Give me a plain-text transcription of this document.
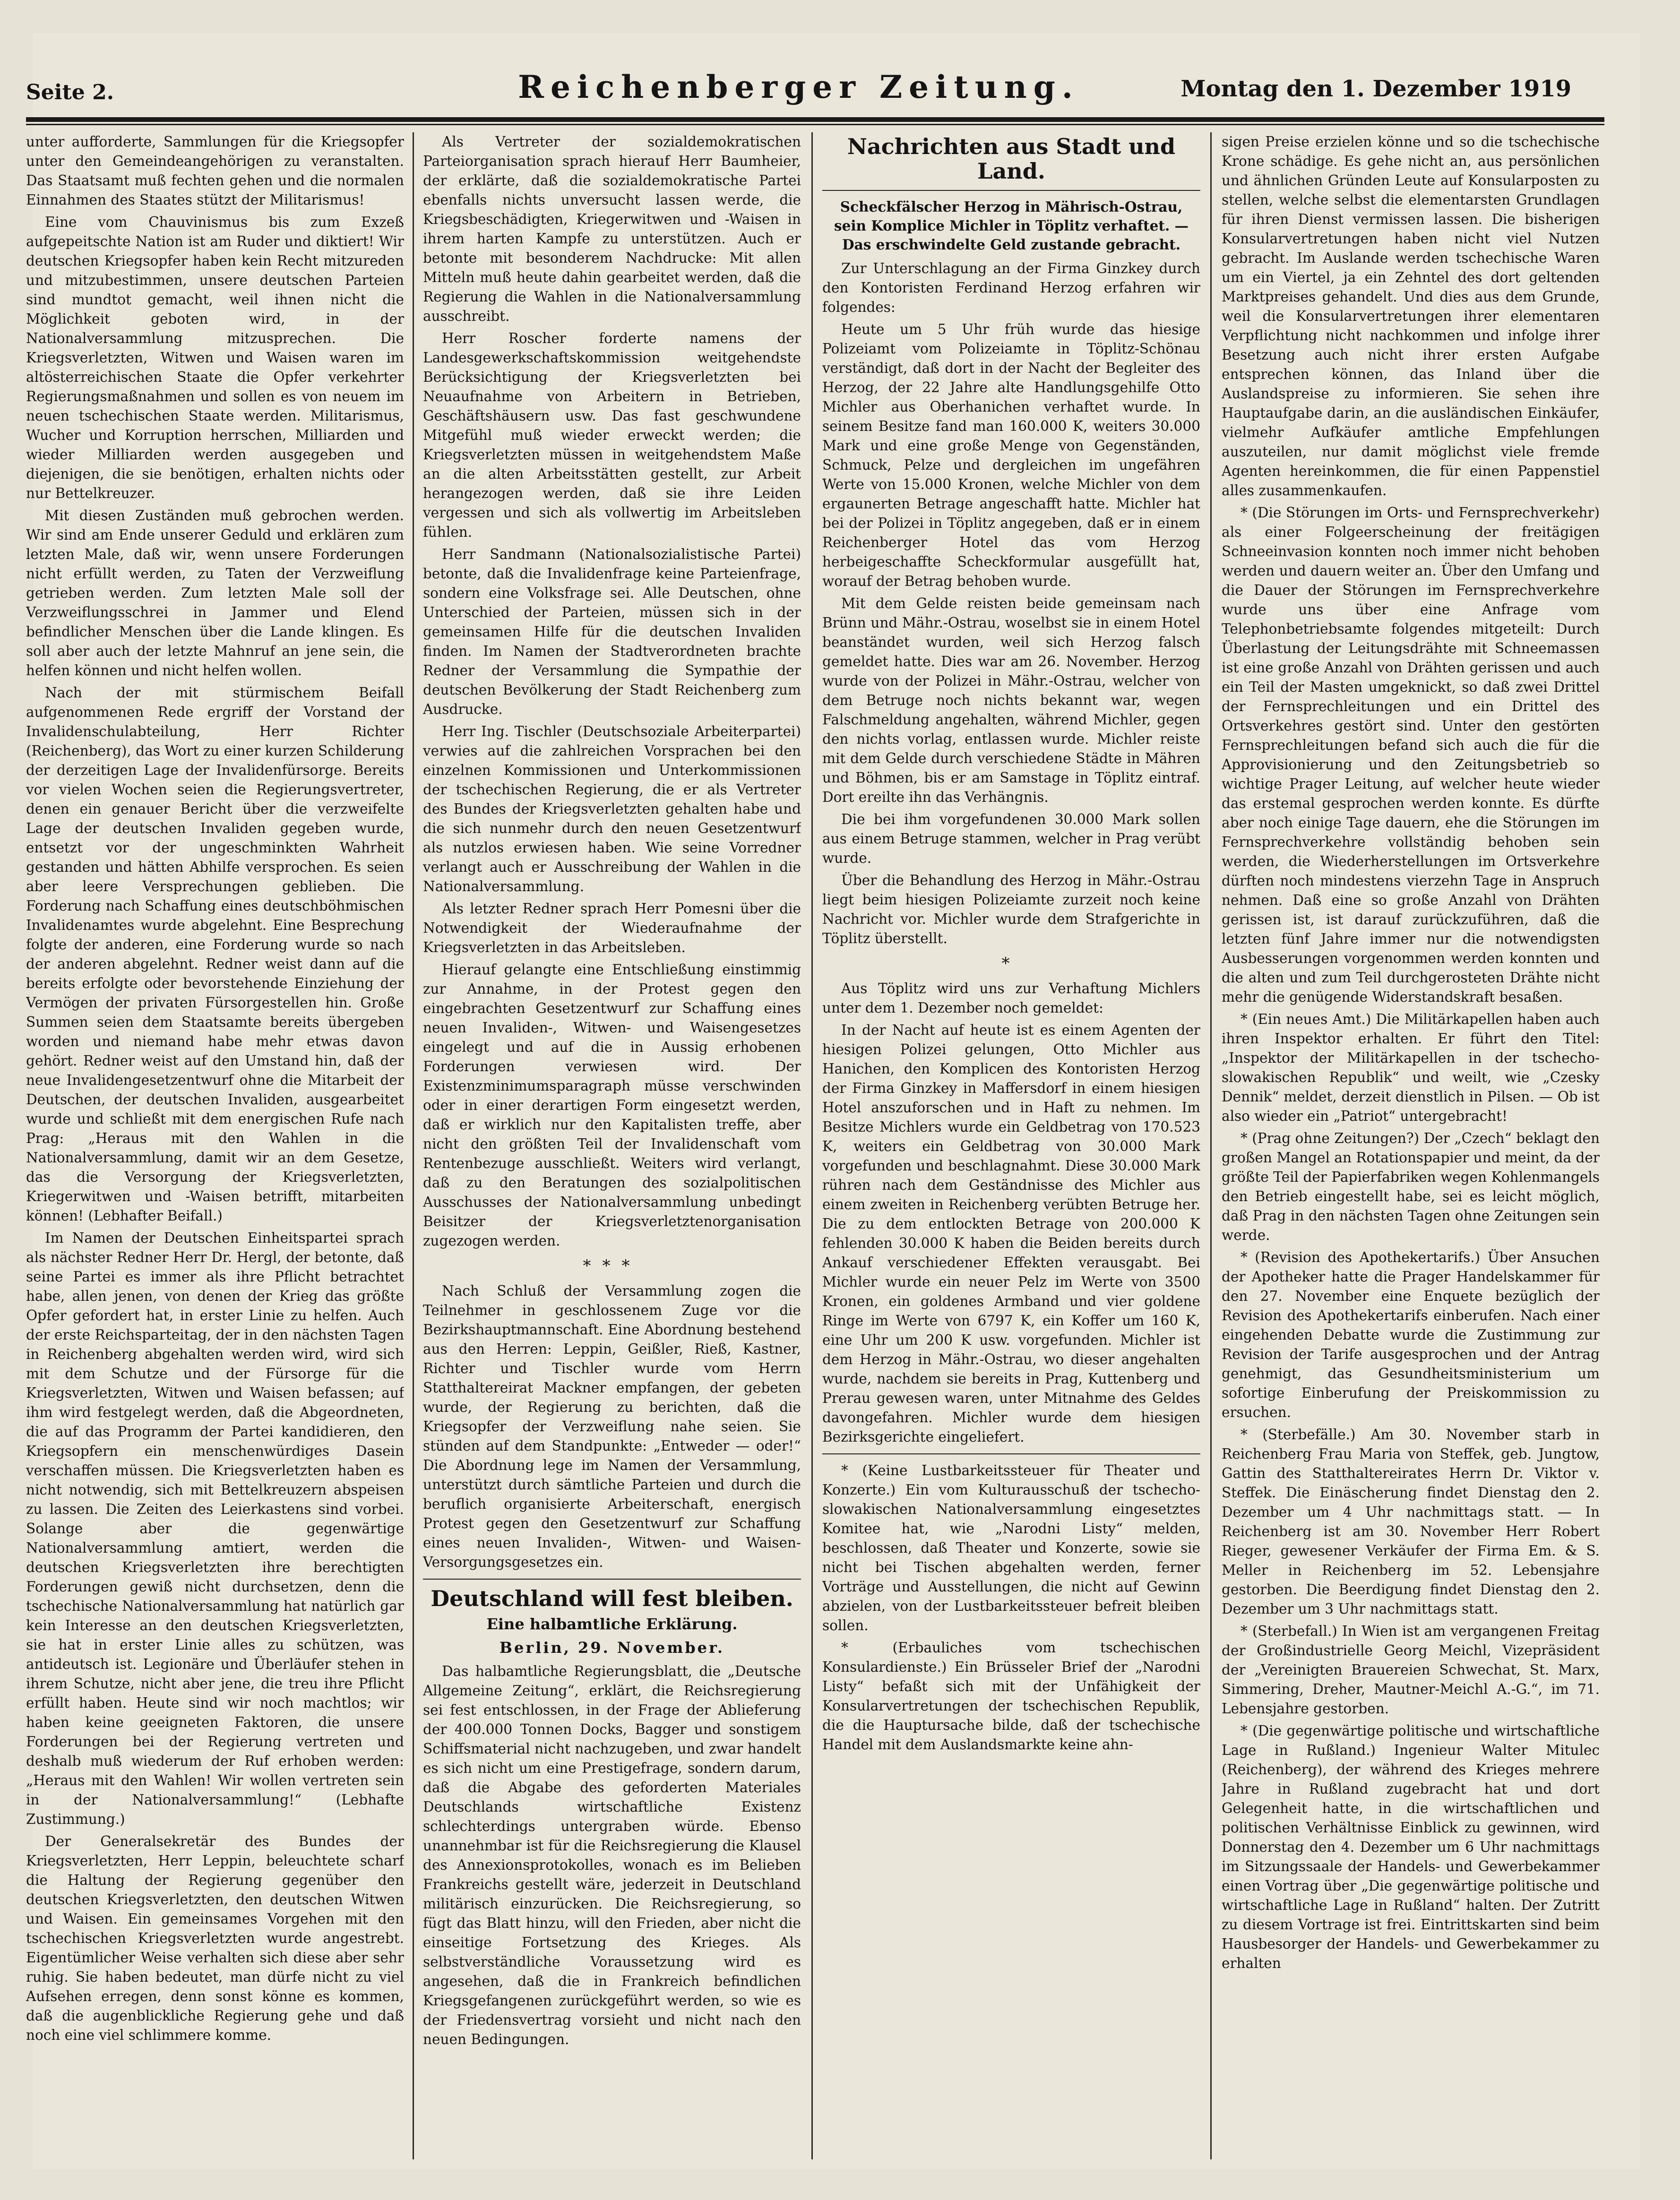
Seite 2.	Reichenberger Zeitung.	Montag den 1. Dezember 1919

unter aufforderte, Sammlungen für die Kriegsopfer unter den Gemeindeangehörigen zu veranstalten. Das Staatsamt muß fechten gehen und die normalen Einnahmen des Staates stützt der Militarismus!

Eine vom Chauvinismus bis zum Exzeß aufgepeitschte Nation ist am Ruder und diktiert! Wir deutschen Kriegsopfer haben kein Recht mitzureden und mitzubestimmen, unsere deutschen Parteien sind mundtot gemacht, weil ihnen nicht die Möglichkeit geboten wird, in der Nationalversammlung mitzusprechen. Die Kriegsverletzten, Witwen und Waisen waren im altösterreichischen Staate die Opfer verkehrter Regierungsmaßnahmen und sollen es von neuem im neuen tschechischen Staate werden. Militarismus, Wucher und Korruption herrschen, Milliarden und wieder Milliarden werden ausgegeben und diejenigen, die sie benötigen, erhalten nichts oder nur Bettelkreuzer.

Mit diesen Zuständen muß gebrochen werden. Wir sind am Ende unserer Geduld und erklären zum letzten Male, daß wir, wenn unsere Forderungen nicht erfüllt werden, zu Taten der Verzweiflung getrieben werden. Zum letzten Male soll der Verzweiflungsschrei in Jammer und Elend befindlicher Menschen über die Lande klingen. Es soll aber auch der letzte Mahnruf an jene sein, die helfen können und nicht helfen wollen.

Nach der mit stürmischem Beifall aufgenommenen Rede ergriff der Vorstand der Invalidenschulabteilung, Herr Richter (Reichenberg), das Wort zu einer kurzen Schilderung der derzeitigen Lage der Invalidenfürsorge. Bereits vor vielen Wochen seien die Regierungsvertreter, denen ein genauer Bericht über die verzweifelte Lage der deutschen Invaliden gegeben wurde, entsetzt vor der ungeschminkten Wahrheit gestanden und hätten Abhilfe versprochen. Es seien aber leere Versprechungen geblieben. Die Forderung nach Schaffung eines deutschböhmischen Invalidenamtes wurde abgelehnt. Eine Besprechung folgte der anderen, eine Forderung wurde so nach der anderen abgelehnt. Redner weist dann auf die bereits erfolgte oder bevorstehende Einziehung der Vermögen der privaten Fürsorgestellen hin. Große Summen seien dem Staatsamte bereits übergeben worden und niemand habe mehr etwas davon gehört. Redner weist auf den Umstand hin, daß der neue Invalidengesetzentwurf ohne die Mitarbeit der Deutschen, der deutschen Invaliden, ausgearbeitet wurde und schließt mit dem energischen Rufe nach Prag: „Heraus mit den Wahlen in die Nationalversammlung, damit wir an dem Gesetze, das die Versorgung der Kriegsverletzten, Kriegerwitwen und -Waisen betrifft, mitarbeiten können! (Lebhafter Beifall.)

Im Namen der Deutschen Einheitspartei sprach als nächster Redner Herr Dr. Hergl, der betonte, daß seine Partei es immer als ihre Pflicht betrachtet habe, allen jenen, von denen der Krieg das größte Opfer gefordert hat, in erster Linie zu helfen. Auch der erste Reichsparteitag, der in den nächsten Tagen in Reichenberg abgehalten werden wird, wird sich mit dem Schutze und der Fürsorge für die Kriegsverletzten, Witwen und Waisen befassen; auf ihm wird festgelegt werden, daß die Abgeordneten, die auf das Programm der Partei kandidieren, den Kriegsopfern ein menschenwürdiges Dasein verschaffen müssen. Die Kriegsverletzten haben es nicht notwendig, sich mit Bettelkreuzern abspeisen zu lassen. Die Zeiten des Leierkastens sind vorbei. Solange aber die gegenwärtige Nationalversammlung amtiert, werden die deutschen Kriegsverletzten ihre berechtigten Forderungen gewiß nicht durchsetzen, denn die tschechische Nationalversammlung hat natürlich gar kein Interesse an den deutschen Kriegsverletzten, sie hat in erster Linie alles zu schützen, was antideutsch ist. Legionäre und Überläufer stehen in ihrem Schutze, nicht aber jene, die treu ihre Pflicht erfüllt haben. Heute sind wir noch machtlos; wir haben keine geeigneten Faktoren, die unsere Forderungen bei der Regierung vertreten und deshalb muß wiederum der Ruf erhoben werden: „Heraus mit den Wahlen! Wir wollen vertreten sein in der Nationalversammlung!“ (Lebhafte Zustimmung.)

Der Generalsekretär des Bundes der Kriegsverletzten, Herr Leppin, beleuchtete scharf die Haltung der Regierung gegenüber den deutschen Kriegsverletzten, den deutschen Witwen und Waisen. Ein gemeinsames Vorgehen mit den tschechischen Kriegsverletzten wurde angestrebt. Eigentümlicher Weise verhalten sich diese aber sehr ruhig. Sie haben bedeutet, man dürfe nicht zu viel Aufsehen erregen, denn sonst könne es kommen, daß die augenblickliche Regierung gehe und daß noch eine viel schlimmere komme.

Als Vertreter der sozialdemokratischen Parteiorganisation sprach hierauf Herr Baumheier, der erklärte, daß die sozialdemokratische Partei ebenfalls nichts unversucht lassen werde, die Kriegsbeschädigten, Kriegerwitwen und -Waisen in ihrem harten Kampfe zu unterstützen. Auch er betonte mit besonderem Nachdrucke: Mit allen Mitteln muß heute dahin gearbeitet werden, daß die Regierung die Wahlen in die Nationalversammlung ausschreibt.

Herr Roscher forderte namens der Landesgewerkschaftskommission weitgehendste Berücksichtigung der Kriegsverletzten bei Neuaufnahme von Arbeitern in Betrieben, Geschäftshäusern usw. Das fast geschwundene Mitgefühl muß wieder erweckt werden; die Kriegsverletzten müssen in weitgehendstem Maße an die alten Arbeitsstätten gestellt, zur Arbeit herangezogen werden, daß sie ihre Leiden vergessen und sich als vollwertig im Arbeitsleben fühlen.

Herr Sandmann (Nationalsozialistische Partei) betonte, daß die Invalidenfrage keine Parteienfrage, sondern eine Volksfrage sei. Alle Deutschen, ohne Unterschied der Parteien, müssen sich in der gemeinsamen Hilfe für die deutschen Invaliden finden. Im Namen der Stadtverordneten brachte Redner der Versammlung die Sympathie der deutschen Bevölkerung der Stadt Reichenberg zum Ausdrucke.

Herr Ing. Tischler (Deutschsoziale Arbeiterpartei) verwies auf die zahlreichen Vorsprachen bei den einzelnen Kommissionen und Unterkommissionen der tschechischen Regierung, die er als Vertreter des Bundes der Kriegsverletzten gehalten habe und die sich nunmehr durch den neuen Gesetzentwurf als nutzlos erwiesen haben. Wie seine Vorredner verlangt auch er Ausschreibung der Wahlen in die Nationalversammlung.

Als letzter Redner sprach Herr Pomesni über die Notwendigkeit der Wiederaufnahme der Kriegsverletzten in das Arbeitsleben.

Hierauf gelangte eine Entschließung einstimmig zur Annahme, in der Protest gegen den eingebrachten Gesetzentwurf zur Schaffung eines neuen Invaliden-, Witwen- und Waisengesetzes eingelegt und auf die in Aussig erhobenen Forderungen verwiesen wird. Der Existenzminimumsparagraph müsse verschwinden oder in einer derartigen Form eingesetzt werden, daß er wirklich nur den Kapitalisten treffe, aber nicht den größten Teil der Invalidenschaft vom Rentenbezuge ausschließt. Weiters wird verlangt, daß zu den Beratungen des sozialpolitischen Ausschusses der Nationalversammlung unbedingt Beisitzer der Kriegsverletztenorganisation zugezogen werden.

***

Nach Schluß der Versammlung zogen die Teilnehmer in geschlossenem Zuge vor die Bezirkshauptmannschaft. Eine Abordnung bestehend aus den Herren: Leppin, Geißler, Rieß, Kastner, Richter und Tischler wurde vom Herrn Statthaltereirat Mackner empfangen, der gebeten wurde, der Regierung zu berichten, daß die Kriegsopfer der Verzweiflung nahe seien. Sie stünden auf dem Standpunkte: „Entweder — oder!“ Die Abordnung lege im Namen der Versammlung, unterstützt durch sämtliche Parteien und durch die beruflich organisierte Arbeiterschaft, energisch Protest gegen den Gesetzentwurf zur Schaffung eines neuen Invaliden-, Witwen- und Waisen-Versorgungsgesetzes ein.

Deutschland will fest bleiben.
Eine halbamtliche Erklärung.
Berlin, 29. November.

Das halbamtliche Regierungsblatt, die „Deutsche Allgemeine Zeitung“, erklärt, die Reichsregierung sei fest entschlossen, in der Frage der Ablieferung der 400.000 Tonnen Docks, Bagger und sonstigem Schiffsmaterial nicht nachzugeben, und zwar handelt es sich nicht um eine Prestigefrage, sondern darum, daß die Abgabe des geforderten Materiales Deutschlands wirtschaftliche Existenz schlechterdings untergraben würde. Ebenso unannehmbar ist für die Reichsregierung die Klausel des Annexionsprotokolles, wonach es im Belieben Frankreichs gestellt wäre, jederzeit in Deutschland militärisch einzurücken. Die Reichsregierung, so fügt das Blatt hinzu, will den Frieden, aber nicht die einseitige Fortsetzung des Krieges. Als selbstverständliche Voraussetzung wird es angesehen, daß die in Frankreich befindlichen Kriegsgefangenen zurückgeführt werden, so wie es der Friedensvertrag vorsieht und nicht nach den neuen Bedingungen.

Nachrichten aus Stadt und Land.
Scheckfälscher Herzog in Mährisch-Ostrau, sein Komplice Michler in Töplitz verhaftet. — Das erschwindelte Geld zustande gebracht.

Zur Unterschlagung an der Firma Ginzkey durch den Kontoristen Ferdinand Herzog erfahren wir folgendes:

Heute um 5 Uhr früh wurde das hiesige Polizeiamt vom Polizeiamte in Töplitz-Schönau verständigt, daß dort in der Nacht der Begleiter des Herzog, der 22 Jahre alte Handlungsgehilfe Otto Michler aus Oberhanichen verhaftet wurde. In seinem Besitze fand man 160.000 K, weiters 30.000 Mark und eine große Menge von Gegenständen, Schmuck, Pelze und dergleichen im ungefähren Werte von 15.000 Kronen, welche Michler von dem ergaunerten Betrage angeschafft hatte. Michler hat bei der Polizei in Töplitz angegeben, daß er in einem Reichenberger Hotel das vom Herzog herbeigeschaffte Scheckformular ausgefüllt hat, worauf der Betrag behoben wurde.

Mit dem Gelde reisten beide gemeinsam nach Brünn und Mähr.-Ostrau, woselbst sie in einem Hotel beanständet wurden, weil sich Herzog falsch gemeldet hatte. Dies war am 26. November. Herzog wurde von der Polizei in Mähr.-Ostrau, welcher von dem Betruge noch nichts bekannt war, wegen Falschmeldung angehalten, während Michler, gegen den nichts vorlag, entlassen wurde. Michler reiste mit dem Gelde durch verschiedene Städte in Mähren und Böhmen, bis er am Samstage in Töplitz eintraf. Dort ereilte ihn das Verhängnis.

Die bei ihm vorgefundenen 30.000 Mark sollen aus einem Betruge stammen, welcher in Prag verübt wurde.

Über die Behandlung des Herzog in Mähr.-Ostrau liegt beim hiesigen Polizeiamte zurzeit noch keine Nachricht vor. Michler wurde dem Strafgerichte in Töplitz überstellt.

*

Aus Töplitz wird uns zur Verhaftung Michlers unter dem 1. Dezember noch gemeldet:

In der Nacht auf heute ist es einem Agenten der hiesigen Polizei gelungen, Otto Michler aus Hanichen, den Komplicen des Kontoristen Herzog der Firma Ginzkey in Maffersdorf in einem hiesigen Hotel anszuforschen und in Haft zu nehmen. Im Besitze Michlers wurde ein Geldbetrag von 170.523 K, weiters ein Geldbetrag von 30.000 Mark vorgefunden und beschlagnahmt. Diese 30.000 Mark rühren nach dem Geständnisse des Michler aus einem zweiten in Reichenberg verübten Betruge her. Die zu dem entlockten Betrage von 200.000 K fehlenden 30.000 K haben die Beiden bereits durch Ankauf verschiedener Effekten verausgabt. Bei Michler wurde ein neuer Pelz im Werte von 3500 Kronen, ein goldenes Armband und vier goldene Ringe im Werte von 6797 K, ein Koffer um 160 K, eine Uhr um 200 K usw. vorgefunden. Michler ist dem Herzog in Mähr.-Ostrau, wo dieser angehalten wurde, nachdem sie bereits in Prag, Kuttenberg und Prerau gewesen waren, unter Mitnahme des Geldes davongefahren. Michler wurde dem hiesigen Bezirksgerichte eingeliefert.

* (Keine Lustbarkeitssteuer für Theater und Konzerte.) Ein vom Kulturausschuß der tschecho-slowakischen Nationalversammlung eingesetztes Komitee hat, wie „Narodni Listy“ melden, beschlossen, daß Theater und Konzerte, sowie sie nicht bei Tischen abgehalten werden, ferner Vorträge und Ausstellungen, die nicht auf Gewinn abzielen, von der Lustbarkeitssteuer befreit bleiben sollen.

* (Erbauliches vom tschechischen Konsulardienste.) Ein Brüsseler Brief der „Narodni Listy“ befaßt sich mit der Unfähigkeit der Konsularvertretungen der tschechischen Republik, die die Hauptursache bilde, daß der tschechische Handel mit dem Auslandsmarkte keine ahn-

sigen Preise erzielen könne und so die tschechische Krone schädige. Es gehe nicht an, aus persönlichen und ähnlichen Gründen Leute auf Konsularposten zu stellen, welche selbst die elementarsten Grundlagen für ihren Dienst vermissen lassen. Die bisherigen Konsularvertretungen haben nicht viel Nutzen gebracht. Im Auslande werden tschechische Waren um ein Viertel, ja ein Zehntel des dort geltenden Marktpreises gehandelt. Und dies aus dem Grunde, weil die Konsularvertretungen ihrer elementaren Verpflichtung nicht nachkommen und infolge ihrer Besetzung auch nicht ihrer ersten Aufgabe entsprechen können, das Inland über die Auslandspreise zu informieren. Sie sehen ihre Hauptaufgabe darin, an die ausländischen Einkäufer, vielmehr Aufkäufer amtliche Empfehlungen auszuteilen, nur damit möglichst viele fremde Agenten hereinkommen, die für einen Pappenstiel alles zusammenkaufen.

* (Die Störungen im Orts- und Fernsprechverkehr) als einer Folgeerscheinung der freitägigen Schneeinvasion konnten noch immer nicht behoben werden und dauern weiter an. Über den Umfang und die Dauer der Störungen im Fernsprechverkehre wurde uns über eine Anfrage vom Telephonbetriebsamte folgendes mitgeteilt: Durch Überlastung der Leitungsdrähte mit Schneemassen ist eine große Anzahl von Drähten gerissen und auch ein Teil der Masten umgeknickt, so daß zwei Drittel der Fernsprechleitungen und ein Drittel des Ortsverkehres gestört sind. Unter den gestörten Fernsprechleitungen befand sich auch die für die Approvisionierung und den Zeitungsbetrieb so wichtige Prager Leitung, auf welcher heute wieder das erstemal gesprochen werden konnte. Es dürfte aber noch einige Tage dauern, ehe die Störungen im Fernsprechverkehre vollständig behoben sein werden, die Wiederherstellungen im Ortsverkehre dürften noch mindestens vierzehn Tage in Anspruch nehmen. Daß eine so große Anzahl von Drähten gerissen ist, ist darauf zurückzuführen, daß die letzten fünf Jahre immer nur die notwendigsten Ausbesserungen vorgenommen werden konnten und die alten und zum Teil durchgerosteten Drähte nicht mehr die genügende Widerstandskraft besaßen.

* (Ein neues Amt.) Die Militärkapellen haben auch ihren Inspektor erhalten. Er führt den Titel: „Inspektor der Militärkapellen in der tschecho-slowakischen Republik“ und weilt, wie „Czesky Dennik“ meldet, derzeit dienstlich in Pilsen. — Ob ist also wieder ein „Patriot“ untergebracht!

* (Prag ohne Zeitungen?) Der „Czech“ beklagt den großen Mangel an Rotationspapier und meint, da der größte Teil der Papierfabriken wegen Kohlenmangels den Betrieb eingestellt habe, sei es leicht möglich, daß Prag in den nächsten Tagen ohne Zeitungen sein werde.

* (Revision des Apothekertarifs.) Über Ansuchen der Apotheker hatte die Prager Handelskammer für den 27. November eine Enquete bezüglich der Revision des Apothekertarifs einberufen. Nach einer eingehenden Debatte wurde die Zustimmung zur Revision der Tarife ausgesprochen und der Antrag genehmigt, das Gesundheitsministerium um sofortige Einberufung der Preiskommission zu ersuchen.

* (Sterbefälle.) Am 30. November starb in Reichenberg Frau Maria von Steffek, geb. Jungtow, Gattin des Statthaltereirates Herrn Dr. Viktor v. Steffek. Die Einäscherung findet Dienstag den 2. Dezember um 4 Uhr nachmittags statt. — In Reichenberg ist am 30. November Herr Robert Rieger, gewesener Verkäufer der Firma Em. & S. Meller in Reichenberg im 52. Lebensjahre gestorben. Die Beerdigung findet Dienstag den 2. Dezember um 3 Uhr nachmittags statt.

* (Sterbefall.) In Wien ist am vergangenen Freitag der Großindustrielle Georg Meichl, Vizepräsident der „Vereinigten Brauereien Schwechat, St. Marx, Simmering, Dreher, Mautner-Meichl A.-G.“, im 71. Lebensjahre gestorben.

* (Die gegenwärtige politische und wirtschaftliche Lage in Rußland.) Ingenieur Walter Mitulec (Reichenberg), der während des Krieges mehrere Jahre in Rußland zugebracht hat und dort Gelegenheit hatte, in die wirtschaftlichen und politischen Verhältnisse Einblick zu gewinnen, wird Donnerstag den 4. Dezember um 6 Uhr nachmittags im Sitzungssaale der Handels- und Gewerbekammer einen Vortrag über „Die gegenwärtige politische und wirtschaftliche Lage in Rußland“ halten. Der Zutritt zu diesem Vortrage ist frei. Eintrittskarten sind beim Hausbesorger der Handels- und Gewerbekammer zu erhalten
